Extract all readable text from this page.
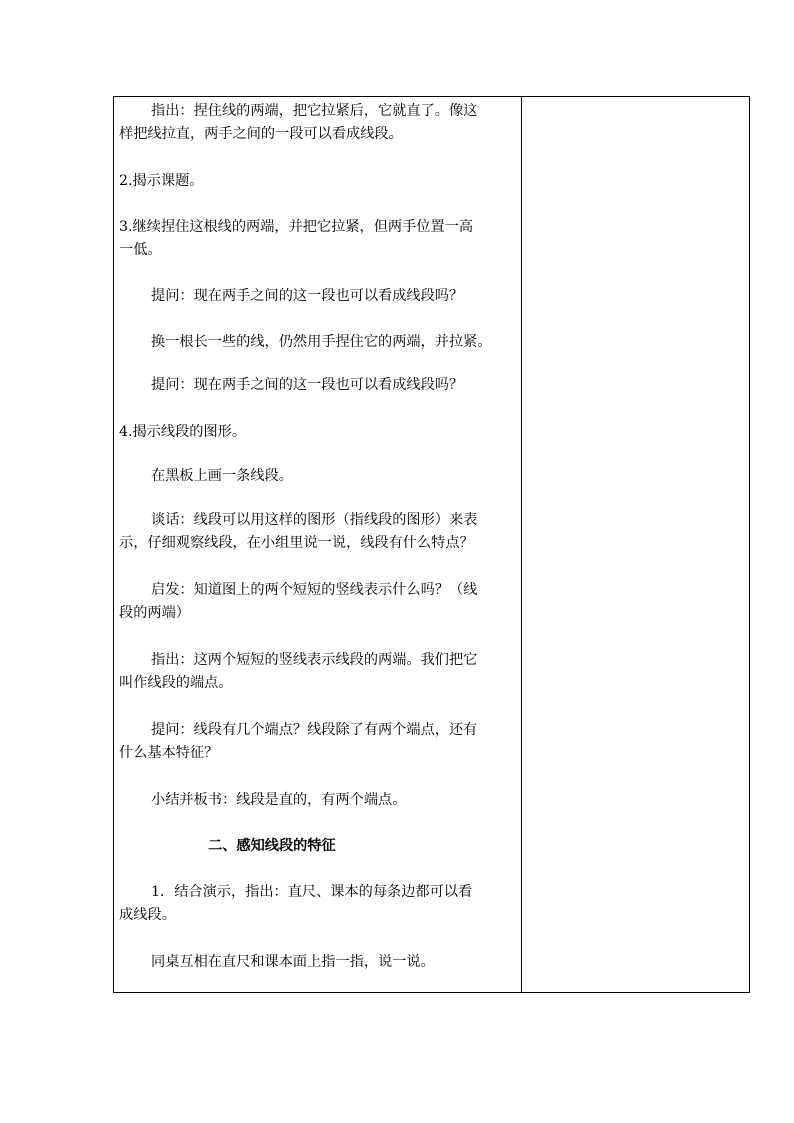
指出：捏住线的两端，把它拉紧后，它就直了。像这

样把线拉直，两手之间的一段可以看成线段。

2.揭示课题。

3.继续捏住这根线的两端，并把它拉紧，但两手位置一高

一低。

提问：现在两手之间的这一段也可以看成线段吗？

换一根长一些的线，仍然用手捏住它的两端，并拉紧。

提问：现在两手之间的这一段也可以看成线段吗？

4.揭示线段的图形。

在黑板上画一条线段。

谈话：线段可以用这样的图形（指线段的图形）来表

示，仔细观察线段，在小组里说一说，线段有什么特点？

启发：知道图上的两个短短的竖线表示什么吗？（线

段的两端）

指出：这两个短短的竖线表示线段的两端。我们把它

叫作线段的端点。

提问：线段有几个端点？线段除了有两个端点，还有

什么基本特征？

小结并板书：线段是直的，有两个端点。

二、感知线段的特征

1．结合演示，指出：直尺、课本的每条边都可以看

成线段。

同桌互相在直尺和课本面上指一指，说一说。
